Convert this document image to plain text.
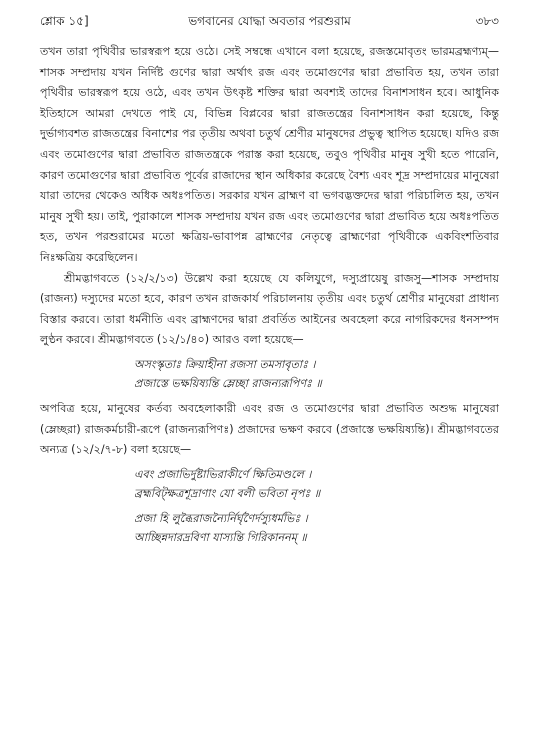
শ্লোক ১৫]	ভগবানের যোদ্ধা অবতার পরশুরাম	৩৮৩

তখন তারা পৃথিবীর ভারস্বরূপ হয়ে ওঠে। সেই সম্বন্ধে এখানে বলা হয়েছে, রজস্তমোবৃতং ভারমব্রহ্মণ্যম্—শাসক সম্প্রদায় যখন নির্দিষ্ট গুণের দ্বারা অর্থাৎ রজ এবং তমোগুণের দ্বারা প্রভাবিত হয়, তখন তারা পৃথিবীর ভারস্বরূপ হয়ে ওঠে, এবং তখন উৎকৃষ্ট শক্তির দ্বারা অবশ্যই তাদের বিনাশসাধন হবে। আধুনিক ইতিহাসে আমরা দেখতে পাই যে, বিভিন্ন বিপ্লবের দ্বারা রাজতন্ত্রের বিনাশসাধন করা হয়েছে, কিন্তু দুর্ভাগ্যবশত রাজতন্ত্রের বিনাশের পর তৃতীয় অথবা চতুর্থ শ্রেণীর মানুষদের প্রভুত্ব স্থাপিত হয়েছে। যদিও রজ এবং তমোগুণের দ্বারা প্রভাবিত রাজতন্ত্রকে পরাস্ত করা হয়েছে, তবুও পৃথিবীর মানুষ সুখী হতে পারেনি, কারণ তমোগুণের দ্বারা প্রভাবিত পূর্বের রাজাদের স্থান অধিকার করেছে বৈশ্য এবং শূদ্র সম্প্রদায়ের মানুষেরা যারা তাদের থেকেও অধিক অধঃপতিত। সরকার যখন ব্রাহ্মণ বা ভগবদ্ভক্তদের দ্বারা পরিচালিত হয়, তখন মানুষ সুখী হয়। তাই, পুরাকালে শাসক সম্প্রদায় যখন রজ এবং তমোগুণের দ্বারা প্রভাবিত হয়ে অধঃপতিত হত, তখন পরশুরামের মতো ক্ষত্রিয়-ভাবাপন্ন ব্রাহ্মণের নেতৃত্বে ব্রাহ্মণেরা পৃথিবীকে একবিংশতিবার নিঃক্ষত্রিয় করেছিলেন।

শ্রীমদ্ভাগবতে (১২/২/১৩) উল্লেখ করা হয়েছে যে কলিযুগে, দস্যুপ্রায়েষু রাজসু—শাসক সম্প্রদায় (রাজন্য) দস্যুদের মতো হবে, কারণ তখন রাজকার্য পরিচালনায় তৃতীয় এবং চতুর্থ শ্রেণীর মানুষেরা প্রাধান্য বিস্তার করবে। তারা ধর্মনীতি এবং ব্রাহ্মণদের দ্বারা প্রবর্তিত আইনের অবহেলা করে নাগরিকদের ধনসম্পদ লুণ্ঠন করবে। শ্রীমদ্ভাগবতে (১২/১/৪০) আরও বলা হয়েছে—

অসংস্কৃতাঃ ক্রিয়াহীনা রজসা তমসাবৃতাঃ ।
প্রজাস্তে ভক্ষয়িষ্যন্তি ম্লেচ্ছা রাজন্যরূপিণঃ ॥

অপবিত্র হয়ে, মানুষের কর্তব্য অবহেলাকারী এবং রজ ও তমোগুণের দ্বারা প্রভাবিত অশুদ্ধ মানুষেরা (ম্লেচ্ছরা) রাজকর্মচারী-রূপে (রাজন্যরূপিণঃ) প্রজাদের ভক্ষণ করবে (প্রজাস্তে ভক্ষয়িষ্যন্তি)। শ্রীমদ্ভাগবতের অন্যত্র (১২/২/৭-৮) বলা হয়েছে—

এবং প্রজাভির্দুষ্টাভিরাকীর্ণে ক্ষিতিমণ্ডলে ।
ব্রহ্মবিট্ক্ষত্রশূদ্রাণাং যো বলী ভবিতা নৃপঃ ॥
প্রজা হি লুব্ধৈরাজন্যৈর্নির্ঘৃণৈর্দস্যুধর্মভিঃ ।
আচ্ছিন্নদারদ্রবিণা যাস্যন্তি গিরিকাননম্ ॥
